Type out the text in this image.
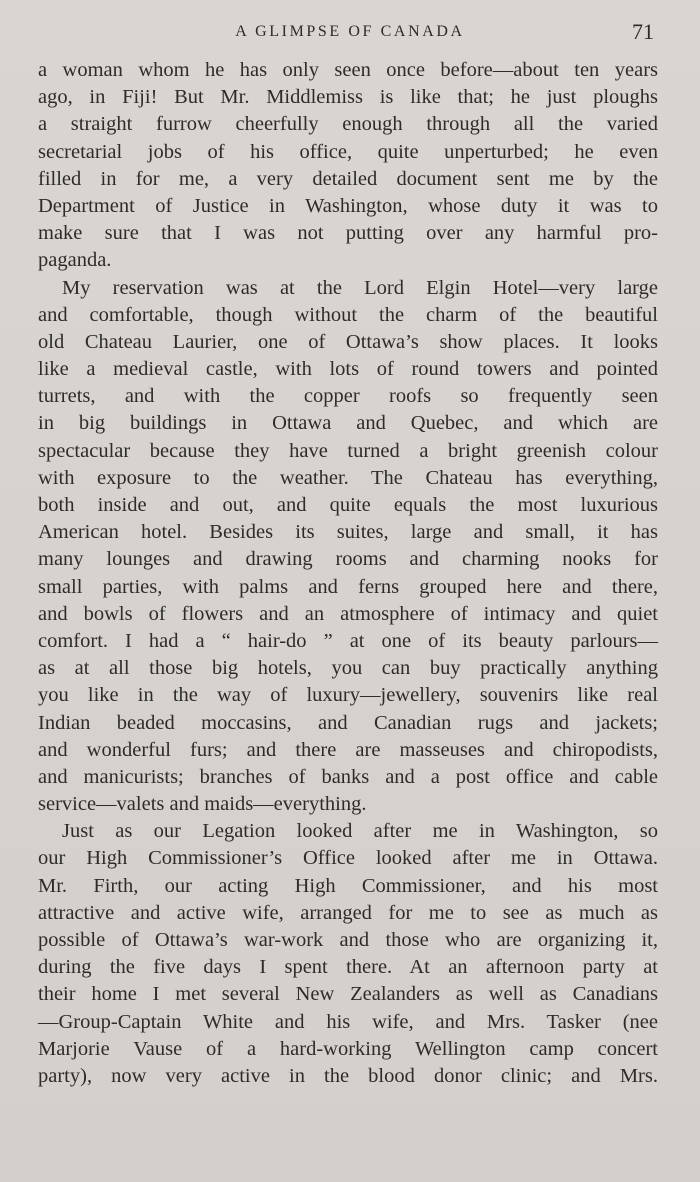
A GLIMPSE OF CANADA	71
a woman whom he has only seen once before—about ten years
ago, in Fiji! But Mr. Middlemiss is like that; he just ploughs
a straight furrow cheerfully enough through all the varied
secretarial jobs of his office, quite unperturbed; he even
filled in for me, a very detailed document sent me by the
Department of Justice in Washington, whose duty it was to
make sure that I was not putting over any harmful pro-
paganda.
My reservation was at the Lord Elgin Hotel—very large
and comfortable, though without the charm of the beautiful
old Chateau Laurier, one of Ottawa’s show places. It looks
like a medieval castle, with lots of round towers and pointed
turrets, and with the copper roofs so frequently seen
in big buildings in Ottawa and Quebec, and which are
spectacular because they have turned a bright greenish colour
with exposure to the weather. The Chateau has everything,
both inside and out, and quite equals the most luxurious
American hotel. Besides its suites, large and small, it has
many lounges and drawing rooms and charming nooks for
small parties, with palms and ferns grouped here and there,
and bowls of flowers and an atmosphere of intimacy and quiet
comfort. I had a “ hair-do ” at one of its beauty parlours—
as at all those big hotels, you can buy practically anything
you like in the way of luxury—jewellery, souvenirs like real
Indian beaded moccasins, and Canadian rugs and jackets;
and wonderful furs; and there are masseuses and chiropodists,
and manicurists; branches of banks and a post office and cable
service—valets and maids—everything.
Just as our Legation looked after me in Washington, so
our High Commissioner’s Office looked after me in Ottawa.
Mr. Firth, our acting High Commissioner, and his most
attractive and active wife, arranged for me to see as much as
possible of Ottawa’s war-work and those who are organizing it,
during the five days I spent there. At an afternoon party at
their home I met several New Zealanders as well as Canadians
—Group-Captain White and his wife, and Mrs. Tasker (nee
Marjorie Vause of a hard-working Wellington camp concert
party), now very active in the blood donor clinic; and Mrs.
